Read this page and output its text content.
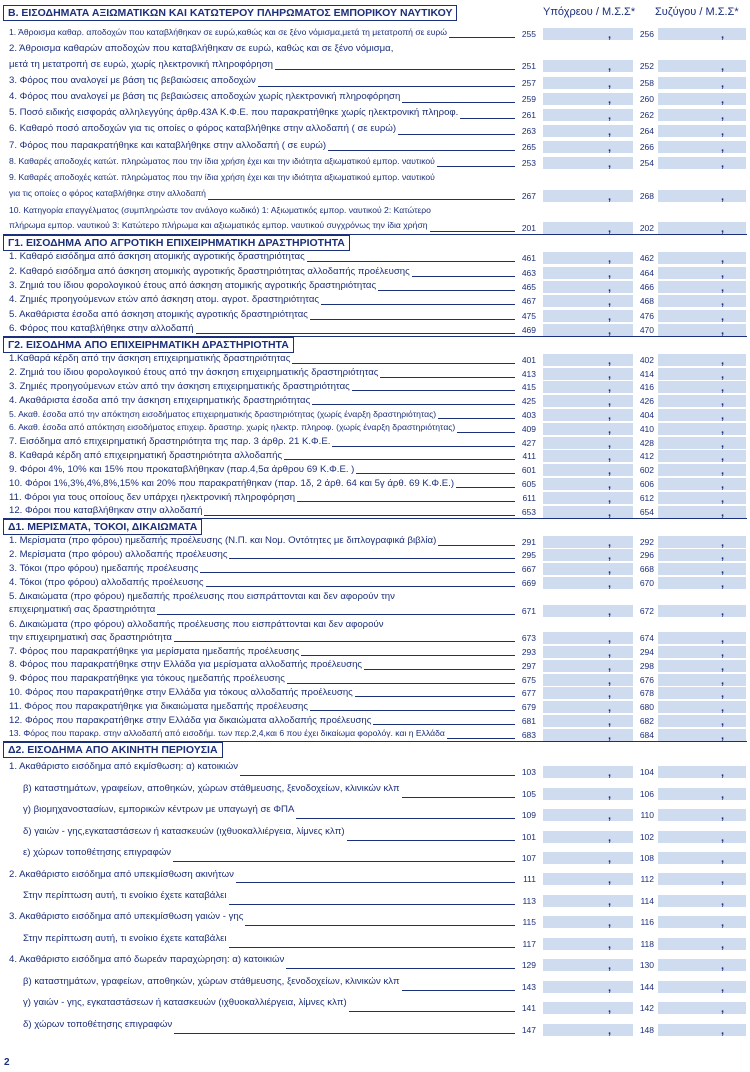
Β. ΕΙΣΟΔΗΜΑΤΑ ΑΞΙΩΜΑΤΙΚΩΝ ΚΑΙ ΚΑΤΩΤΕΡΟΥ ΠΛΗΡΩΜΑΤΟΣ ΕΜΠΟΡΙΚΟΥ ΝΑΥΤΙΚΟΥ	Υπόχρεου / Μ.Σ.Σ* Συζύγου / Μ.Σ.Σ*
1. Άθροισμα καθαρ. αποδοχών που καταβλήθηκαν σε ευρώ,καθώς και σε ξένο νόμισμα,μετά τη μετατροπή σε ευρώ	255	,	256	,
2. Άθροισμα καθαρών αποδοχών που καταβλήθηκαν σε ευρώ, καθώς και σε ξένο νόμισμα,
μετά τη μετατροπή σε ευρώ, χωρίς ηλεκτρονική πληροφόρηση	251	,	252	,
3. Φόρος που αναλογεί με βάση τις βεβαιώσεις αποδοχών	257	,	258	,
4. Φόρος που αναλογεί με βάση τις βεβαιώσεις αποδοχών χωρίς ηλεκτρονική πληροφόρηση	259	,	260	,
5. Ποσό ειδικής εισφοράς αλληλεγγύης άρθρ.43Α Κ.Φ.Ε. που παρακρατήθηκε χωρίς ηλεκτρονική πληροφ.	261	,	262	,
6. Καθαρό ποσό αποδοχών για τις οποίες ο φόρος καταβλήθηκε στην αλλοδαπή ( σε ευρώ)	263	,	264	,
7. Φόρος που παρακρατήθηκε και καταβλήθηκε στην αλλοδαπή ( σε ευρώ)	265	,	266	,
8. Καθαρές αποδοχές κατώτ. πληρώματος που την ίδια χρήση έχει και την ιδιότητα αξιωματικού εμπορ. ναυτικού	253	,	254	,
9. Καθαρές αποδοχές κατώτ. πληρώματος που την ίδια χρήση έχει και την ιδιότητα αξιωματικού εμπορ. ναυτικού
για τις οποίες ο φόρος καταβλήθηκε στην αλλοδαπή	267	,	268	,
10. Κατηγορία επαγγέλματος (συμπληρώστε τον ανάλογο κωδικό) 1: Αξιωματικός εμπορ. ναυτικού 2: Κατώτερο
πλήρωμα εμπορ. ναυτικού 3: Κατώτερο πλήρωμα και αξιωματικός εμπορ. ναυτικού συγχρόνως την ίδια χρήση	201	,	202	,
Γ1. ΕΙΣΟΔΗΜΑ ΑΠΟ ΑΓΡΟΤΙΚΗ ΕΠΙΧΕΙΡΗΜΑΤΙΚΗ ΔΡΑΣΤΗΡΙΟΤΗΤΑ
1. Καθαρό εισόδημα από άσκηση ατομικής αγροτικής δραστηριότητας	461	,	462	,
2. Καθαρό εισόδημα από άσκηση ατομικής αγροτικής δραστηριότητας αλλοδαπής προέλευσης	463	,	464	,
3. Ζημιά του ίδιου φορολογικού έτους από άσκηση ατομικής αγροτικής δραστηριότητας	465	,	466	,
4. Ζημιές προηγούμενων ετών από άσκηση ατομ. αγροτ. δραστηριότητας	467	,	468	,
5. Ακαθάριστα έσοδα από άσκηση ατομικής αγροτικής δραστηριότητας	475	,	476	,
6. Φόρος που καταβλήθηκε στην αλλοδαπή	469	,	470	,
Γ2. ΕΙΣΟΔΗΜΑ ΑΠΟ ΕΠΙΧΕΙΡΗΜΑΤΙΚΗ ΔΡΑΣΤΗΡΙΟΤΗΤΑ
1.Καθαρά κέρδη από την άσκηση επιχειρηματικής δραστηριότητας	401	,	402	,
2. Ζημιά του ίδιου φορολογικού έτους από την άσκηση επιχειρηματικής δραστηριότητας	413	,	414	,
3. Ζημιές προηγούμενων ετών από την άσκηση επιχειρηματικής δραστηριότητας	415	,	416	,
4. Ακαθάριστα έσοδα από την άσκηση επιχειρηματικής δραστηριότητας	425	,	426	,
5. Ακαθ. έσοδα από την απόκτηση εισοδήματος επιχειρηματικής δραστηριότητας (χωρίς έναρξη δραστηριότητας)	403	,	404	,
6. Ακαθ. έσοδα από απόκτηση εισοδήματος επιχειρ. δραστηρ. χωρίς ηλεκτρ. πληροφ. (χωρίς έναρξη δραστηριότητας)	409	,	410	,
7. Εισόδημα από επιχειρηματική δραστηριότητα της παρ. 3 άρθρ. 21 Κ.Φ.Ε.	427	,	428	,
8. Καθαρά κέρδη από επιχειρηματική δραστηριότητα αλλοδαπής	411	,	412	,
9. Φόροι 4%, 10% και 15% που προκαταβλήθηκαν (παρ.4,5α άρθρου 69 Κ.Φ.Ε. )	601	,	602	,
10. Φόροι 1%,3%,4%,8%,15% και 20% που παρακρατήθηκαν (παρ. 1δ, 2 άρθ. 64 και 5γ άρθ. 69 Κ.Φ.Ε.)	605	,	606	,
11. Φόροι για τους οποίους δεν υπάρχει ηλεκτρονική πληροφόρηση	611	,	612	,
12. Φόροι που καταβλήθηκαν στην αλλοδαπή	653	,	654	,
Δ1. ΜΕΡΙΣΜΑΤΑ, ΤΟΚΟΙ, ΔΙΚΑΙΩΜΑΤΑ
1. Μερίσματα (προ φόρου) ημεδαπής προέλευσης (Ν.Π. και Νομ. Οντότητες με διπλογραφικά βιβλία)	291	,	292	,
2. Μερίσματα (προ φόρου) αλλοδαπής προέλευσης	295	,	296	,
3. Τόκοι (προ φόρου) ημεδαπής προέλευσης	667	,	668	,
4. Τόκοι (προ φόρου) αλλοδαπής προέλευσης	669	,	670	,
5. Δικαιώματα (προ φόρου) ημεδαπής προέλευσης που εισπράττονται και δεν αφορούν την
επιχειρηματική σας δραστηριότητα	671	,	672	,
6. Δικαιώματα (προ φόρου) αλλοδαπής προέλευσης που εισπράττονται και δεν αφορούν
την επιχειρηματική σας δραστηριότητα	673	,	674	,
7. Φόρος που παρακρατήθηκε για μερίσματα ημεδαπής προέλευσης	293	,	294	,
8. Φόρος που παρακρατήθηκε στην Ελλάδα για μερίσματα αλλοδαπής προέλευσης	297	,	298	,
9. Φόρος που παρακρατήθηκε για τόκους ημεδαπής προέλευσης	675	,	676	,
10. Φόρος που παρακρατήθηκε στην Ελλάδα για τόκους αλλοδαπής προέλευσης	677	,	678	,
11. Φόρος που παρακρατήθηκε για δικαιώματα ημεδαπής προέλευσης	679	,	680	,
12. Φόρος που παρακρατήθηκε στην Ελλάδα για δικαιώματα αλλοδαπής προέλευσης	681	,	682	,
13. Φόρος που παρακρ. στην αλλοδαπή από εισοδήμ. των περ.2,4,και 6 που έχει δικαίωμα φορολόγ. και η Ελλάδα	683	,	684	,
Δ2. ΕΙΣΟΔΗΜΑ ΑΠΟ ΑΚΙΝΗΤΗ ΠΕΡΙΟΥΣΙΑ
1. Ακαθάριστο εισόδημα από εκμίσθωση: α) κατοικιών	103	,	104	,
β) καταστημάτων, γραφείων, αποθηκών, χώρων στάθμευσης, ξενοδοχείων, κλινικών κλπ	105	,	106	,
γ) βιομηχανοστασίων, εμπορικών κέντρων με υπαγωγή σε ΦΠΑ	109	,	110	,
δ) γαιών - γης,εγκαταστάσεων ή κατασκευών (ιχθυοκαλλιέργεια, λίμνες κλπ)	101	,	102	,
ε) χώρων τοποθέτησης επιγραφών	107	,	108	,
2. Ακαθάριστο εισόδημα από υπεκμίσθωση ακινήτων	111	,	112	,
Στην περίπτωση αυτή, τι ενοίκιο έχετε καταβάλει	113	,	114	,
3. Ακαθάριστο εισόδημα από υπεκμίσθωση γαιών - γης	115	,	116	,
Στην περίπτωση αυτή, τι ενοίκιο έχετε καταβάλει	117	,	118	,
4. Ακαθάριστο εισόδημα από δωρεάν παραχώρηση: α) κατοικιών	129	,	130	,
β) καταστημάτων, γραφείων, αποθηκών, χώρων στάθμευσης, ξενοδοχείων, κλινικών κλπ	143	,	144	,
γ) γαιών - γης, εγκαταστάσεων ή κατασκευών (ιχθυοκαλλιέργεια, λίμνες κλπ)	141	,	142	,
δ) χώρων τοποθέτησης επιγραφών	147	,	148	,
2
